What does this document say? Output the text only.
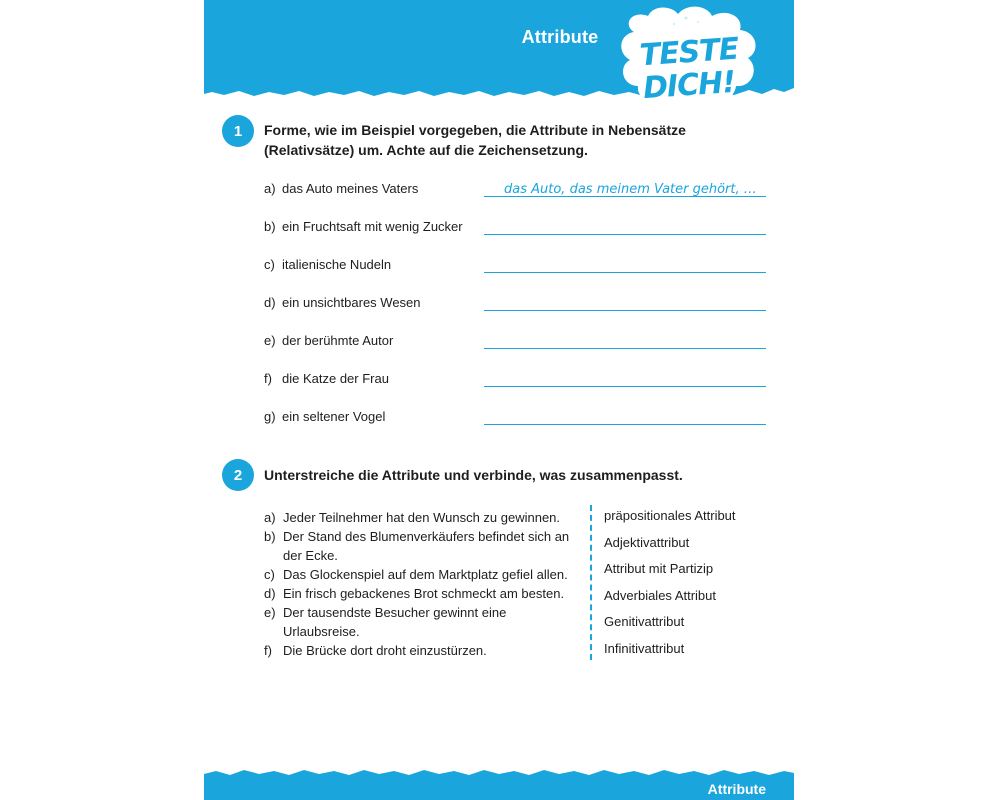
Attribute	TESTE
DICH!
1	Forme, wie im Beispiel vorgegeben, die Attribute in Nebensätze (Relativsätze) um. Achte auf die Zeichensetzung.
a) das Auto meines Vaters	das Auto, das meinem Vater gehört, …
b) ein Fruchtsaft mit wenig Zucker
c) italienische Nudeln
d) ein unsichtbares Wesen
e) der berühmte Autor
f) die Katze der Frau
g) ein seltener Vogel
2	Unterstreiche die Attribute und verbinde, was zusammenpasst.
a) Jeder Teilnehmer hat den Wunsch zu gewinnen.
b) Der Stand des Blumenverkäufers befindet sich an der Ecke.
c) Das Glockenspiel auf dem Marktplatz gefiel allen.
d) Ein frisch gebackenes Brot schmeckt am besten.
e) Der tausendste Besucher gewinnt eine Urlaubsreise.
f) Die Brücke dort droht einzustürzen.
präpositionales Attribut
Adjektivattribut
Attribut mit Partizip
Adverbiales Attribut
Genitivattribut
Infinitivattribut
Attribute
